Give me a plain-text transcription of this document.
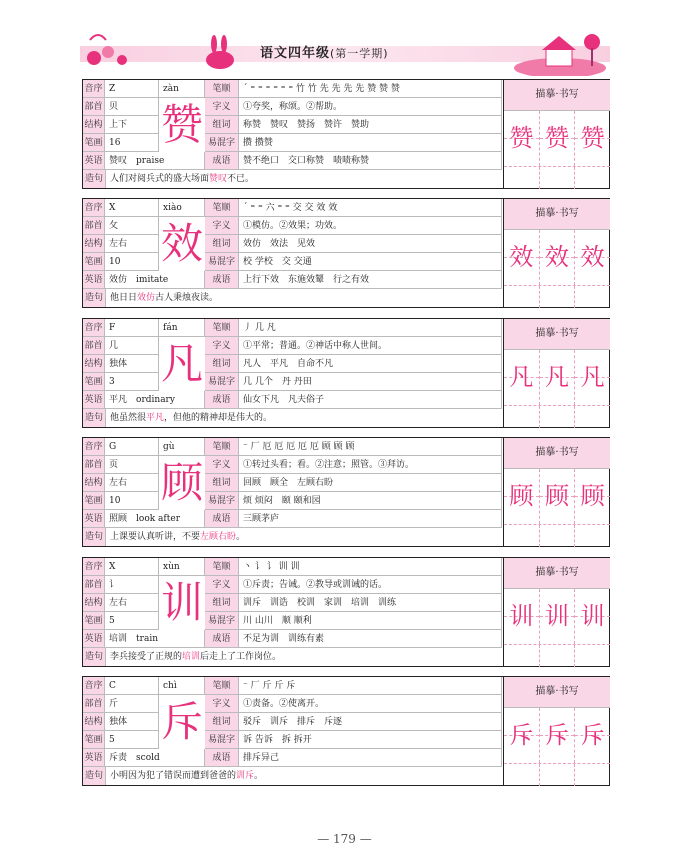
语文四年级(第一学期)
音序 Z	zàn	笔顺	ˊ ⁼ ⁼ ⁼ ⁼ ⁼ ⁼ 竹 竹 先 先 先 先 赞 赞 赞
部首 贝	字义	①夸奖，称颂。②帮助。
结构 上下	组词	称赞　赞叹　赞扬　赞许　赞助
笔画 16	易混字 攒 攒赞
英语 赞叹　 praise	成语	赞不绝口　交口称赞　啧啧称赞
赞
造句 人们对阅兵式的盛大场面赞叹不已。
描摹·书写
赞 赞 赞
音序 X	xiào	笔顺	ˊ ⁼ ⁼ 六 ⁼ ⁼ 交 交 效 效
部首 攵	字义	①模仿。②效果；功效。
结构 左右	组词	效仿　效法　见效
笔画 10	易混字 校 学校　交 交通
英语 效仿　 imitate	成语	上行下效　东施效颦　行之有效
效
造句 他日日效仿古人秉烛夜读。
描摹·书写
效 效 效
音序 F	fán	笔顺	丿 几 凡
部首 几	字义	①平常；普通。②神话中称人世间。
结构 独体	组词	凡人　平凡　自命不凡
笔画 3	易混字 几 几个　丹 丹田
英语 平凡　 ordinary	成语	仙女下凡　凡夫俗子
凡
造句 他虽然很平凡，但他的精神却是伟大的。
描摹·书写
凡 凡 凡
音序 G	gù	笔顺	⁻ 厂 厄 厄 厄 厄 厄 顾 顾 顾
部首 页	字义	①转过头看；看。②注意；照管。③拜访。
结构 左右	组词	回顾　顾全　左顾右盼
笔画 10	易混字 烦 烦闷　颐 颐和园
英语 照顾　 look after	成语	三顾茅庐
顾
造句 上课要认真听讲，不要左顾右盼。
描摹·书写
顾 顾 顾
音序 X	xùn	笔顺	丶 讠 讠 训 训
部首 讠	字义	①斥责；告诫。②教导或训诫的话。
结构 左右	组词	训斥　训诰　校训　家训　培训　训练
笔画 5	易混字 川 山川　顺 顺利
英语 培训　 train	成语	不足为训　训练有素
训
造句 李兵接受了正规的培训后走上了工作岗位。
描摹·书写
训 训 训
音序 C	chì	笔顺	⁻ 厂 斤 斤 斥
部首 斤	字义	①责备。②使离开。
结构 独体	组词	驳斥　训斥　排斥　斥逐
笔画 5	易混字 诉 告诉　拆 拆开
英语 斥责　 scold	成语	排斥异己
斥
造句 小明因为犯了错误而遭到爸爸的训斥。
描摹·书写
斥 斥 斥
— 179 —
